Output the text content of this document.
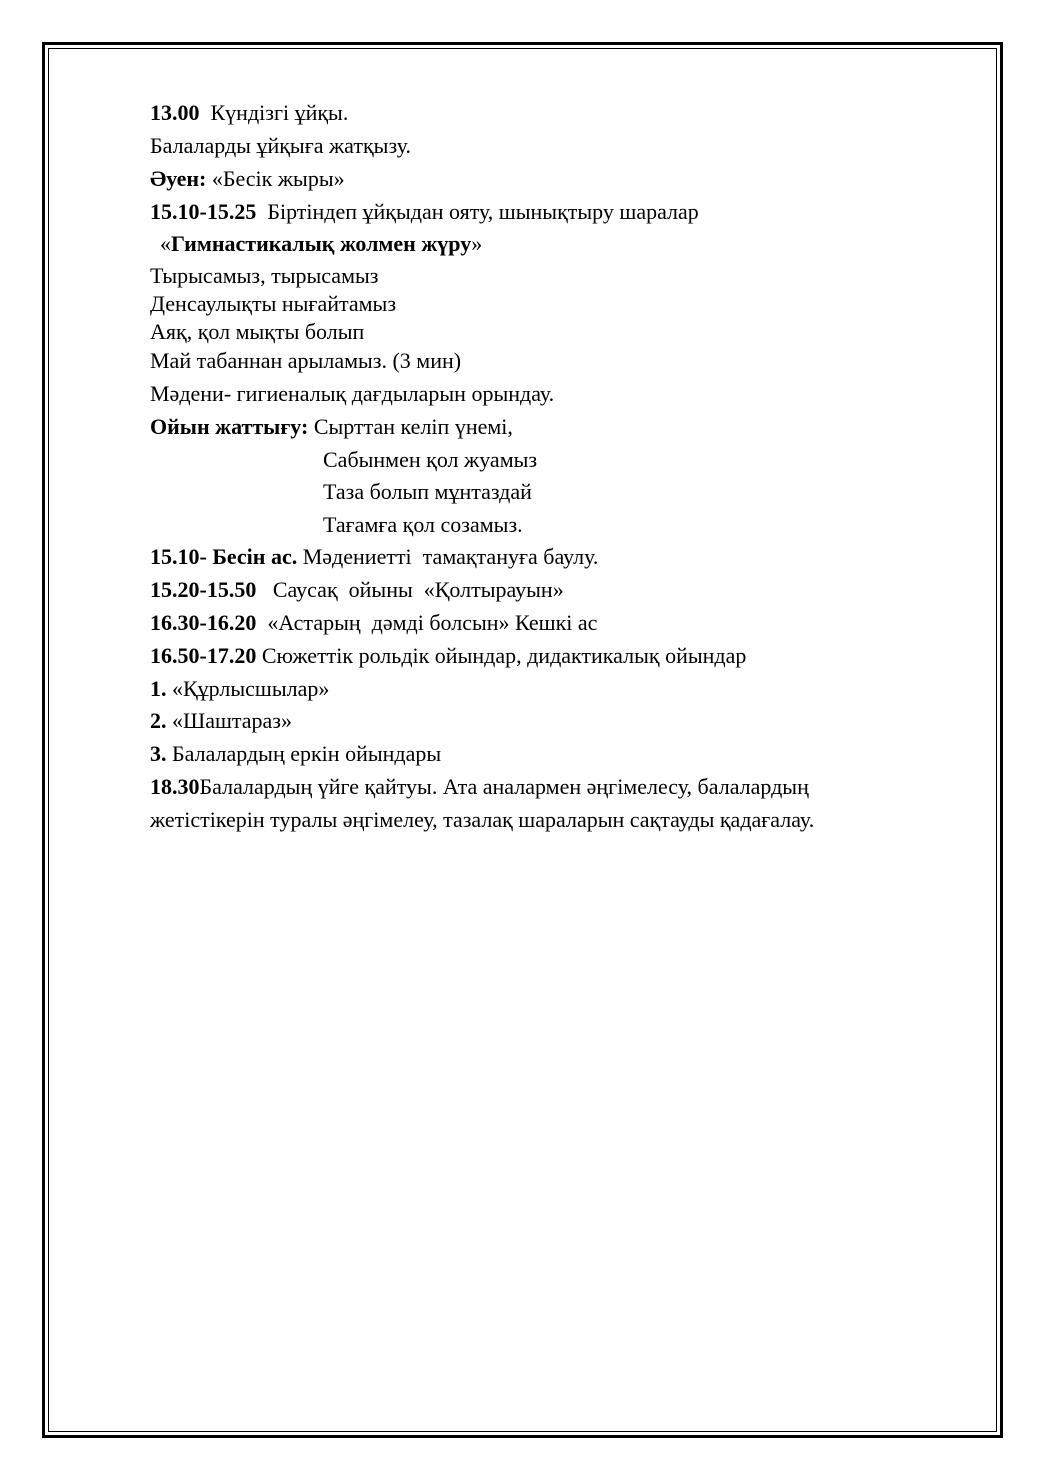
13.00  Күндізгі ұйқы.
Балаларды ұйқыға жатқызу.
Әуен: «Бесік жыры»
15.10-15.25  Біртіндеп ұйқыдан ояту, шынықтыру шаралар
«Гимнастикалық жолмен жүру»
Тырысамыз, тырысамыз
Денсаулықты нығайтамыз
Аяқ, қол мықты болып
Май табаннан арыламыз. (3 мин)
Мәдени- гигиеналық дағдыларын орындау.
Ойын жаттығу: Сырттан келіп үнемі,
Сабынмен қол жуамыз
Таза болып мұнтаздай
Тағамға қол созамыз.
15.10- Бесін ас. Мәдениетті  тамақтануға баулу.
15.20-15.50   Саусақ  ойыны  «Қолтырауын»
16.30-16.20  «Астарың  дәмді болсын» Кешкі ас
16.50-17.20 Сюжеттік рольдік ойындар, дидактикалық ойындар
1. «Құрлысшылар»
2. «Шаштараз»
3. Балалардың еркін ойындары
18.30Балалардың үйге қайтуы. Ата аналармен әңгімелесу, балалардың
жетістікерін туралы әңгімелеу, тазалақ шараларын сақтауды қадағалау.
